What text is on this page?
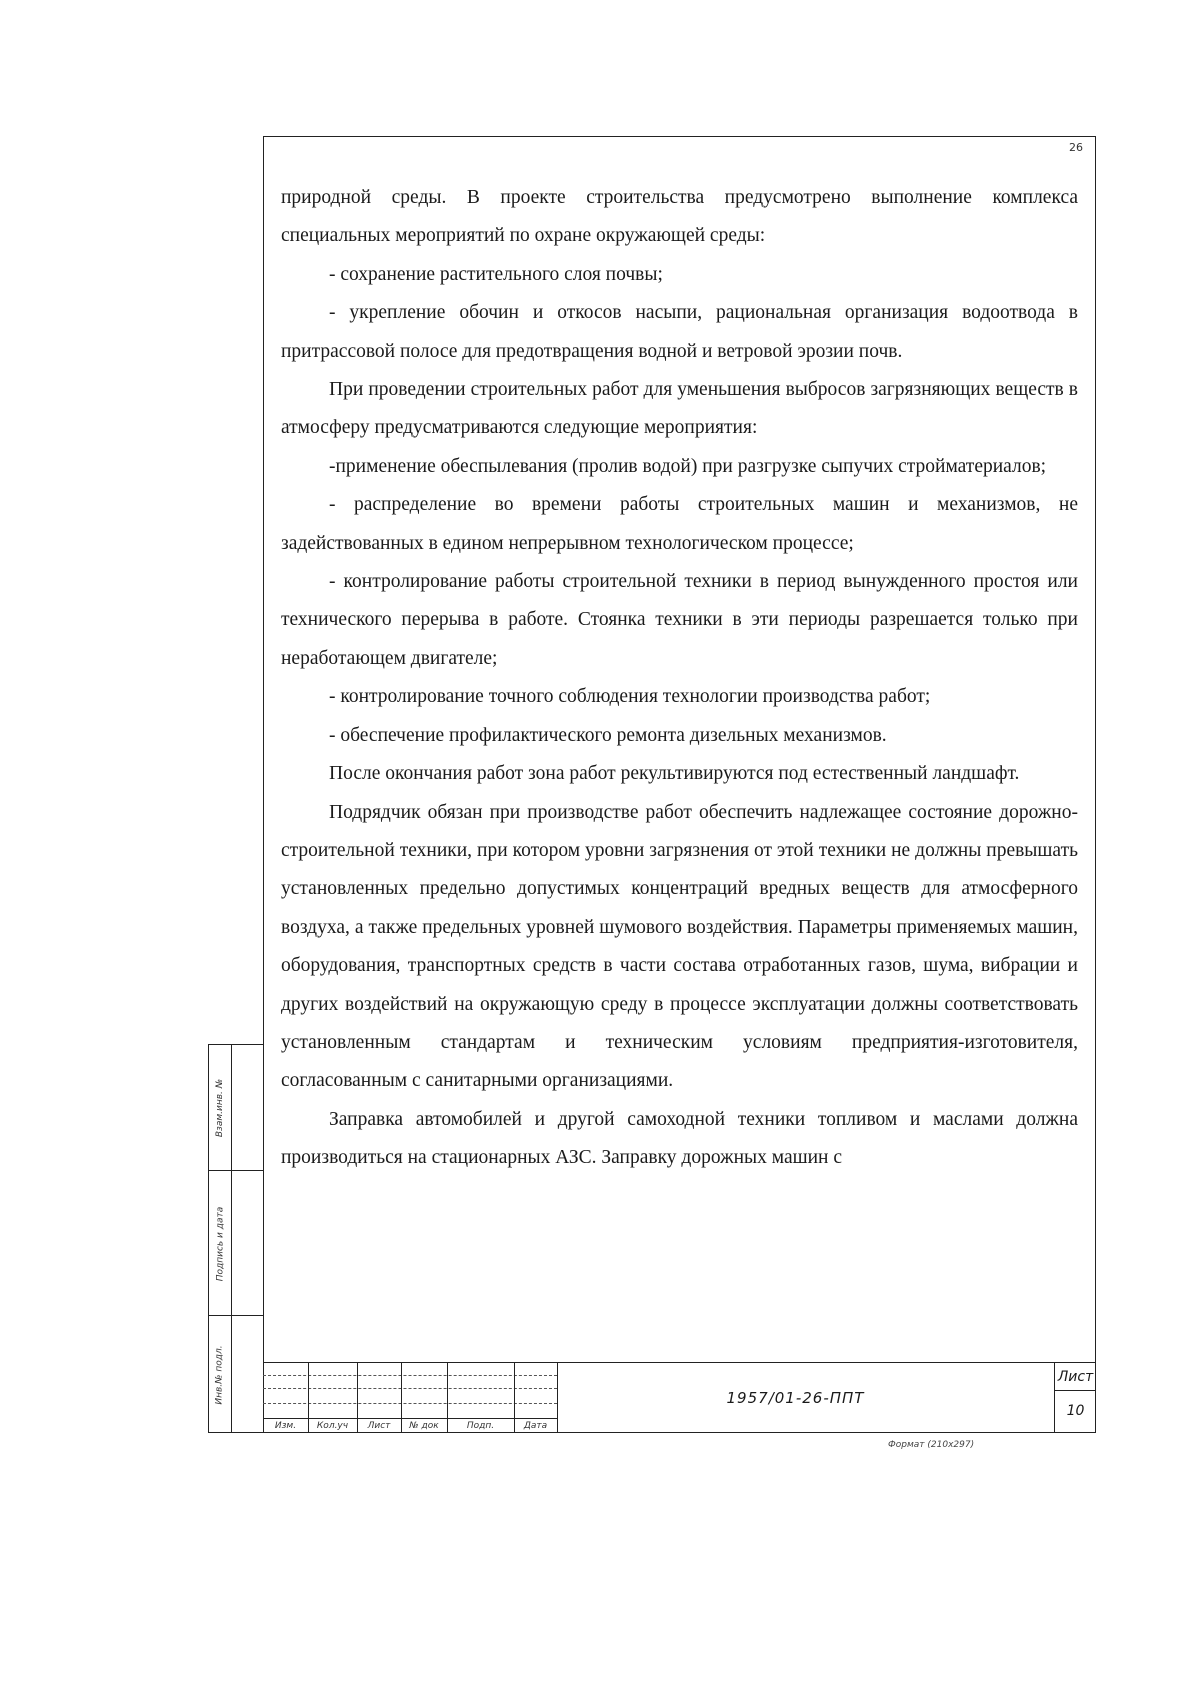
26

природной среды. В проекте строительства предусмотрено выполнение комплекса специальных мероприятий по охране окружающей среды:

- сохранение растительного слоя почвы;

- укрепление обочин и откосов насыпи, рациональная организация водоотвода в притрассовой полосе для предотвращения водной и ветровой эрозии почв.

При проведении строительных работ для уменьшения выбросов загрязняющих веществ в атмосферу предусматриваются следующие мероприятия:

-применение обеспылевания (пролив водой) при разгрузке сыпучих стройматериалов;

- распределение во времени работы строительных машин и механизмов, не задействованных в едином непрерывном технологическом процессе;

- контролирование работы строительной техники в период вынужденного простоя или технического перерыва в работе. Стоянка техники в эти периоды разрешается только при неработающем двигателе;

- контролирование точного соблюдения технологии производства работ;

- обеспечение профилактического ремонта дизельных механизмов.

После окончания работ зона работ рекультивируются под естественный ландшафт.

Подрядчик обязан при производстве работ обеспечить надлежащее состояние дорожно-строительной техники, при котором уровни загрязнения от этой техники не должны превышать установленных предельно допустимых концентраций вредных веществ для атмосферного воздуха, а также предельных уровней шумового воздействия. Параметры применяемых машин, оборудования, транспортных средств в части состава отработанных газов, шума, вибрации и других воздействий на окружающую среду в процессе эксплуатации должны соответствовать установленным стандартам и техническим условиям предприятия-изготовителя, согласованным с санитарными организациями.

Заправка автомобилей и другой самоходной техники топливом и маслами должна производиться на стационарных АЗС. Заправку дорожных машин с

Взам.инв. №
Подпись и дата
Инв.№ подл.
Изм.	Кол.уч	Лист	№ док	Подп.	Дата
1957/01-26-ППТ
Лист
10
Формат (210х297)
